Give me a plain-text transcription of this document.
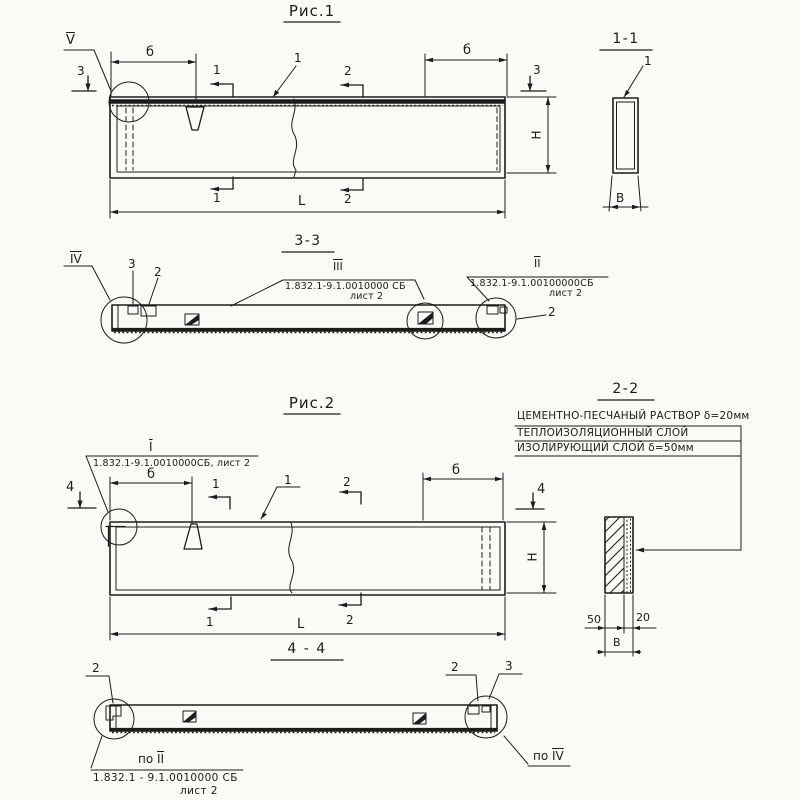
Рис.1
$\overline{V}$
б
3	1
1
2
б
3
1	L	2
Н
1-1
1
В
3-3
$\overline{IV}$	3
2	$\overline{III}$
1.832.1-9.1.0010000 СБ
лист 2
$\overline{II}$
1.832.1-9.1.00100000СБ
лист 2
2
Рис.2
$\overline{I}$
1.832.1-9.1.0010000СБ, лист 2
б
4	1	1	2
б
4
Н
1	L	2
2-2
ЦЕМЕНТНО-ПЕСЧАНЫЙ РАСТВОР δ=20мм
ТЕПЛОИЗОЛЯЦИОННЫЙ СЛОЙ
ИЗОЛИРУЮЩИЙ СЛОЙ δ=50мм
50	20
В
4 - 4
2	2	3
по $\overline{II}$
1.832.1 - 9.1.0010000 СБ
лист 2
по $\overline{IV}$
